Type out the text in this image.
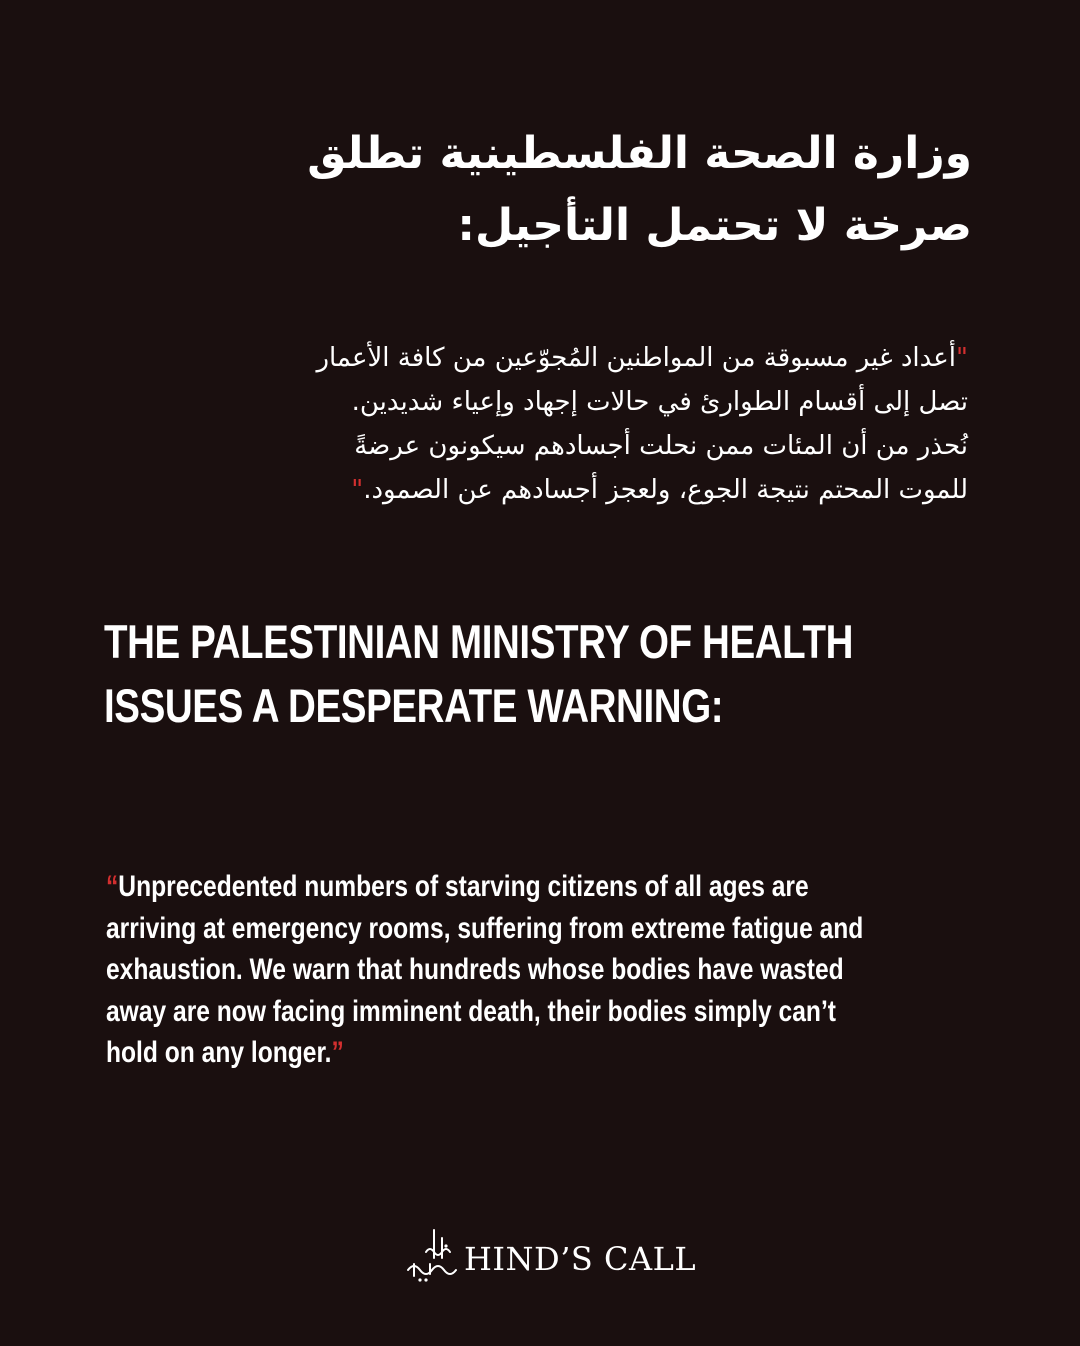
وزارة الصحة الفلسطينية تطلق
صرخة لا تحتمل التأجيل:

"أعداد غير مسبوقة من المواطنين المُجوّعين من كافة الأعمار
تصل إلى أقسام الطوارئ في حالات إجهاد وإعياء شديدين.
نُحذر من أن المئات ممن نحلت أجسادهم سيكونون عرضةً
للموت المحتم نتيجة الجوع، ولعجز أجسادهم عن الصمود."

THE PALESTINIAN MINISTRY OF HEALTH
ISSUES A DESPERATE WARNING:

“Unprecedented numbers of starving citizens of all ages are
arriving at emergency rooms, suffering from extreme fatigue and
exhaustion. We warn that hundreds whose bodies have wasted
away are now facing imminent death, their bodies simply can’t
hold on any longer.”

HIND’S CALL
